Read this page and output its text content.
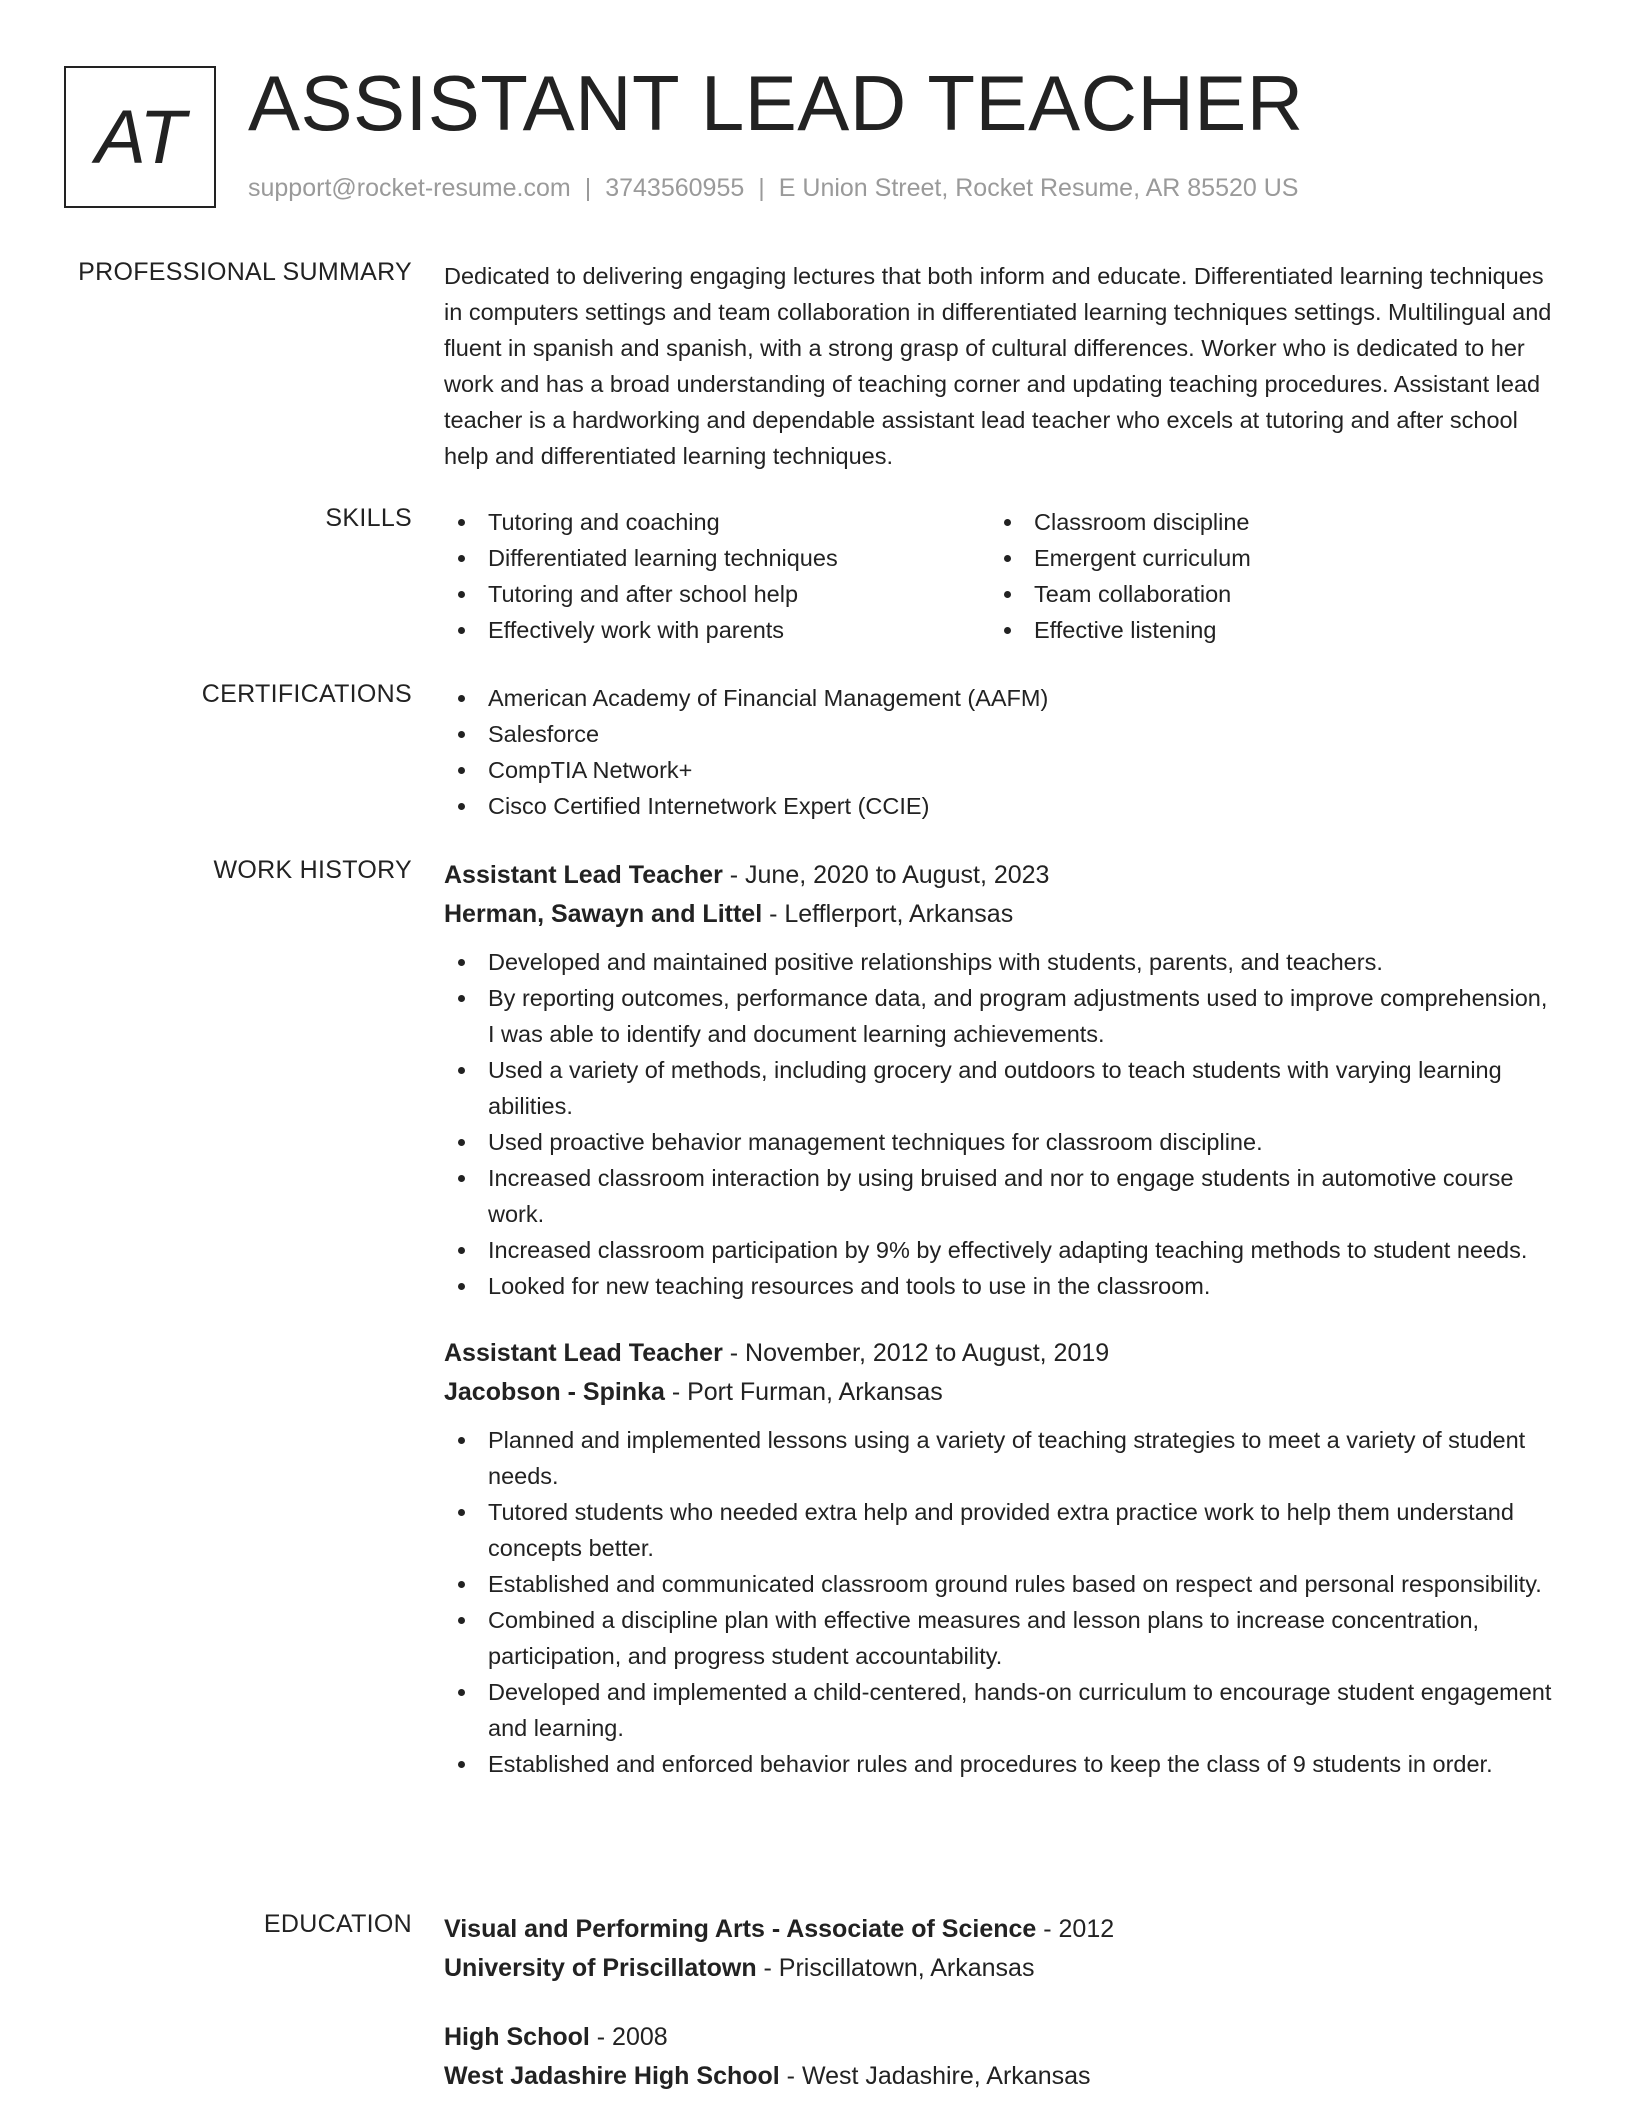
AT ASSISTANT LEAD TEACHER
support@rocket-resume.com | 3743560955 | E Union Street, Rocket Resume, AR 85520 US
PROFESSIONAL SUMMARY Dedicated to delivering engaging lectures that both inform and educate. Differentiated learning techniques in computers settings and team collaboration in differentiated learning techniques settings. Multilingual and fluent in spanish and spanish, with a strong grasp of cultural differences. Worker who is dedicated to her work and has a broad understanding of teaching corner and updating teaching procedures. Assistant lead teacher is a hardworking and dependable assistant lead teacher who excels at tutoring and after school help and differentiated learning techniques.
SKILLS	Tutoring and coaching
Differentiated learning techniques
Tutoring and after school help
Effectively work with parents
Classroom discipline
Emergent curriculum
Team collaboration
Effective listening
CERTIFICATIONS	American Academy of Financial Management (AAFM)
Salesforce
CompTIA Network+
Cisco Certified Internetwork Expert (CCIE)
WORK HISTORY Assistant Lead Teacher - June, 2020 to August, 2023
Herman, Sawayn and Littel - Lefflerport, Arkansas
Developed and maintained positive relationships with students, parents, and teachers.
By reporting outcomes, performance data, and program adjustments used to improve comprehension, I was able to identify and document learning achievements.
Used a variety of methods, including grocery and outdoors to teach students with varying learning abilities.
Used proactive behavior management techniques for classroom discipline.
Increased classroom interaction by using bruised and nor to engage students in automotive course work.
Increased classroom participation by 9% by effectively adapting teaching methods to student needs.
Looked for new teaching resources and tools to use in the classroom.
Assistant Lead Teacher - November, 2012 to August, 2019
Jacobson - Spinka - Port Furman, Arkansas
Planned and implemented lessons using a variety of teaching strategies to meet a variety of student needs.
Tutored students who needed extra help and provided extra practice work to help them understand concepts better.
Established and communicated classroom ground rules based on respect and personal responsibility.
Combined a discipline plan with effective measures and lesson plans to increase concentration, participation, and progress student accountability.
Developed and implemented a child-centered, hands-on curriculum to encourage student engagement and learning.
Established and enforced behavior rules and procedures to keep the class of 9 students in order.
EDUCATION Visual and Performing Arts - Associate of Science - 2012
University of Priscillatown - Priscillatown, Arkansas
High School - 2008
West Jadashire High School - West Jadashire, Arkansas
